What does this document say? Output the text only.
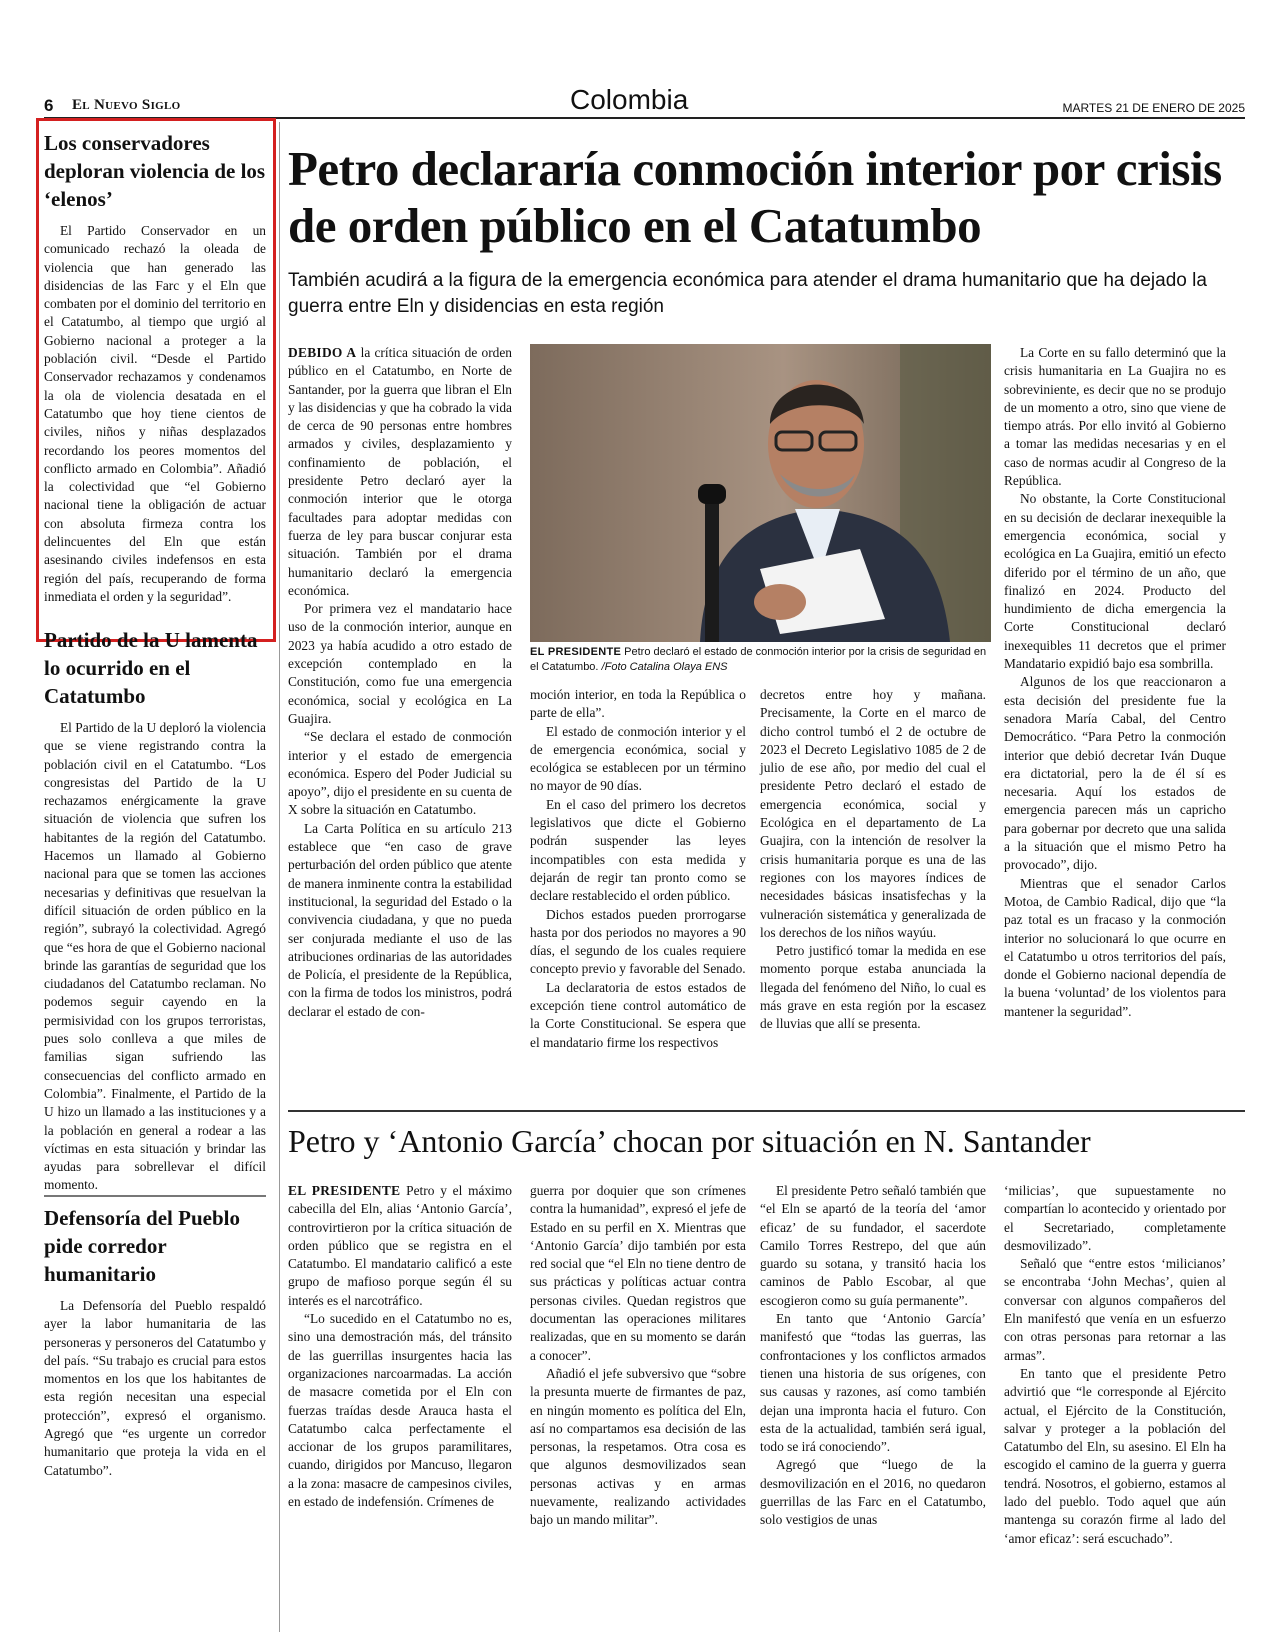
6 El Nuevo Siglo	Colombia	MARTES 21 DE ENERO DE 2025
Los conservadores deploran violencia de los ‘elenos’

El Partido Conservador en un comunicado rechazó la oleada de violencia que han generado las disidencias de las Farc y el Eln que combaten por el dominio del territorio en el Catatumbo, al tiempo que urgió al Gobierno nacional a proteger a la población civil. “Desde el Partido Conservador rechazamos y condenamos la ola de violencia desatada en el Catatumbo que hoy tiene cientos de civiles, niños y niñas desplazados recordando los peores momentos del conflicto armado en Colombia”. Añadió la colectividad que “el Gobierno nacional tiene la obligación de actuar con absoluta firmeza contra los delincuentes del Eln que están asesinando civiles indefensos en esta región del país, recuperando de forma inmediata el orden y la seguridad”.

Partido de la U lamenta lo ocurrido en el Catatumbo

El Partido de la U deploró la violencia que se viene registrando contra la población civil en el Catatumbo. “Los congresistas del Partido de la U rechazamos enérgicamente la grave situación de violencia que sufren los habitantes de la región del Catatumbo. Hacemos un llamado al Gobierno nacional para que se tomen las acciones necesarias y definitivas que resuelvan la difícil situación de orden público en la región”, subrayó la colectividad. Agregó que “es hora de que el Gobierno nacional brinde las garantías de seguridad que los ciudadanos del Catatumbo reclaman. No podemos seguir cayendo en la permisividad con los grupos terroristas, pues solo conlleva a que miles de familias sigan sufriendo las consecuencias del conflicto armado en Colombia”. Finalmente, el Partido de la U hizo un llamado a las instituciones y a la población en general a rodear a las víctimas en esta situación y brindar las ayudas para sobrellevar el difícil momento.

Defensoría del Pueblo pide corredor humanitario

La Defensoría del Pueblo respaldó ayer la labor humanitaria de las personeras y personeros del Catatumbo y del país. “Su trabajo es crucial para estos momentos en los que los habitantes de esta región necesitan una especial protección”, expresó el organismo. Agregó que “es urgente un corredor humanitario que proteja la vida en el Catatumbo”.

Petro declararía conmoción interior por crisis de orden público en el Catatumbo

También acudirá a la figura de la emergencia económica para atender el drama humanitario que ha dejado la guerra entre Eln y disidencias en esta región

DEBIDO A la crítica situación de orden público en el Catatumbo, en Norte de Santander, por la guerra que libran el Eln y las disidencias y que ha cobrado la vida de cerca de 90 personas entre hombres armados y civiles, desplazamiento y confinamiento de población, el presidente Petro declaró ayer la conmoción interior que le otorga facultades para adoptar medidas con fuerza de ley para buscar conjurar esta situación. También por el drama humanitario declaró la emergencia económica.

Por primera vez el mandatario hace uso de la conmoción interior, aunque en 2023 ya había acudido a otro estado de excepción contemplado en la Constitución, como fue una emergencia económica, social y ecológica en La Guajira.

“Se declara el estado de conmoción interior y el estado de emergencia económica. Espero del Poder Judicial su apoyo”, dijo el presidente en su cuenta de X sobre la situación en Catatumbo.

La Carta Política en su artículo 213 establece que “en caso de grave perturbación del orden público que atente de manera inminente contra la estabilidad institucional, la seguridad del Estado o la convivencia ciudadana, y que no pueda ser conjurada mediante el uso de las atribuciones ordinarias de las autoridades de Policía, el presidente de la República, con la firma de todos los ministros, podrá declarar el estado de con-

EL PRESIDENTE Petro declaró el estado de conmoción interior por la crisis de seguridad en el Catatumbo. /Foto Catalina Olaya ENS

moción interior, en toda la República o parte de ella”.

El estado de conmoción interior y el de emergencia económica, social y ecológica se establecen por un término no mayor de 90 días.

En el caso del primero los decretos legislativos que dicte el Gobierno podrán suspender las leyes incompatibles con esta medida y dejarán de regir tan pronto como se declare restablecido el orden público.

Dichos estados pueden prorrogarse hasta por dos periodos no mayores a 90 días, el segundo de los cuales requiere concepto previo y favorable del Senado.

La declaratoria de estos estados de excepción tiene control automático de la Corte Constitucional. Se espera que el mandatario firme los respectivos

decretos entre hoy y mañana. Precisamente, la Corte en el marco de dicho control tumbó el 2 de octubre de 2023 el Decreto Legislativo 1085 de 2 de julio de ese año, por medio del cual el presidente Petro declaró el estado de emergencia económica, social y Ecológica en el departamento de La Guajira, con la intención de resolver la crisis humanitaria porque es una de las regiones con los mayores índices de necesidades básicas insatisfechas y la vulneración sistemática y generalizada de los derechos de los niños wayúu.

Petro justificó tomar la medida en ese momento porque estaba anunciada la llegada del fenómeno del Niño, lo cual es más grave en esta región por la escasez de lluvias que allí se presenta.

La Corte en su fallo determinó que la crisis humanitaria en La Guajira no es sobreviniente, es decir que no se produjo de un momento a otro, sino que viene de tiempo atrás. Por ello invitó al Gobierno a tomar las medidas necesarias y en el caso de normas acudir al Congreso de la República.

No obstante, la Corte Constitucional en su decisión de declarar inexequible la emergencia económica, social y ecológica en La Guajira, emitió un efecto diferido por el término de un año, que finalizó en 2024. Producto del hundimiento de dicha emergencia la Corte Constitucional declaró inexequibles 11 decretos que el primer Mandatario expidió bajo esa sombrilla.

Algunos de los que reaccionaron a esta decisión del presidente fue la senadora María Cabal, del Centro Democrático. “Para Petro la conmoción interior que debió decretar Iván Duque era dictatorial, pero la de él sí es necesaria. Aquí los estados de emergencia parecen más un capricho para gobernar por decreto que una salida a la situación que el mismo Petro ha provocado”, dijo.

Mientras que el senador Carlos Motoa, de Cambio Radical, dijo que “la paz total es un fracaso y la conmoción interior no solucionará lo que ocurre en el Catatumbo u otros territorios del país, donde el Gobierno nacional dependía de la buena ‘voluntad’ de los violentos para mantener la seguridad”.

Petro y ‘Antonio García’ chocan por situación en N. Santander

EL PRESIDENTE Petro y el máximo cabecilla del Eln, alias ‘Antonio García’, controvirtieron por la crítica situación de orden público que se registra en el Catatumbo. El mandatario calificó a este grupo de mafioso porque según él su interés es el narcotráfico.

“Lo sucedido en el Catatumbo no es, sino una demostración más, del tránsito de las guerrillas insurgentes hacia las organizaciones narcoarmadas. La acción de masacre cometida por el Eln con fuerzas traídas desde Arauca hasta el Catatumbo calca perfectamente el accionar de los grupos paramilitares, cuando, dirigidos por Mancuso, llegaron a la zona: masacre de campesinos civiles, en estado de indefensión. Crímenes de

guerra por doquier que son crímenes contra la humanidad”, expresó el jefe de Estado en su perfil en X. Mientras que ‘Antonio García’ dijo también por esta red social que “el Eln no tiene dentro de sus prácticas y políticas actuar contra personas civiles. Quedan registros que documentan las operaciones militares realizadas, que en su momento se darán a conocer”.

Añadió el jefe subversivo que “sobre la presunta muerte de firmantes de paz, en ningún momento es política del Eln, así no compartamos esa decisión de las personas, la respetamos. Otra cosa es que algunos desmovilizados sean personas activas y en armas nuevamente, realizando actividades bajo un mando militar”.

El presidente Petro señaló también que “el Eln se apartó de la teoría del ‘amor eficaz’ de su fundador, el sacerdote Camilo Torres Restrepo, del que aún guardo su sotana, y transitó hacia los caminos de Pablo Escobar, al que escogieron como su guía permanente”.

En tanto que ‘Antonio García’ manifestó que “todas las guerras, las confrontaciones y los conflictos armados tienen una historia de sus orígenes, con sus causas y razones, así como también dejan una impronta hacia el futuro. Con esta de la actualidad, también será igual, todo se irá conociendo”.

Agregó que “luego de la desmovilización en el 2016, no quedaron guerrillas de las Farc en el Catatumbo, solo vestigios de unas

‘milicias’, que supuestamente no compartían lo acontecido y orientado por el Secretariado, completamente desmovilizado”.

Señaló que “entre estos ‘milicianos’ se encontraba ‘John Mechas’, quien al conversar con algunos compañeros del Eln manifestó que venía en un esfuerzo con otras personas para retornar a las armas”.

En tanto que el presidente Petro advirtió que “le corresponde al Ejército actual, el Ejército de la Constitución, salvar y proteger a la población del Catatumbo del Eln, su asesino. El Eln ha escogido el camino de la guerra y guerra tendrá. Nosotros, el gobierno, estamos al lado del pueblo. Todo aquel que aún mantenga su corazón firme al lado del ‘amor eficaz’: será escuchado”.
